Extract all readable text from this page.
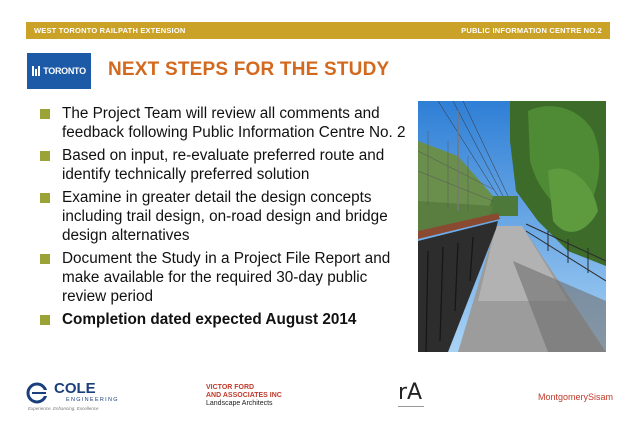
WEST TORONTO RAILPATH EXTENSION	PUBLIC INFORMATION CENTRE NO.2
TORONTO NEXT STEPS FOR THE STUDY
The Project Team will review all comments and feedback following Public Information Centre No. 2
Based on input, re-evaluate preferred route and identify technically preferred solution
Examine in greater detail the design concepts including trail design, on-road design and bridge design alternatives
Document the Study in a Project File Report and make available for the required 30-day public review period
Completion dated expected August 2014
COLE
ENGINEERING
Experience. Enhancing. Excellence
VICTOR FORD
AND ASSOCIATES INC
Landscape Architects	rA	MontgomerySisam
